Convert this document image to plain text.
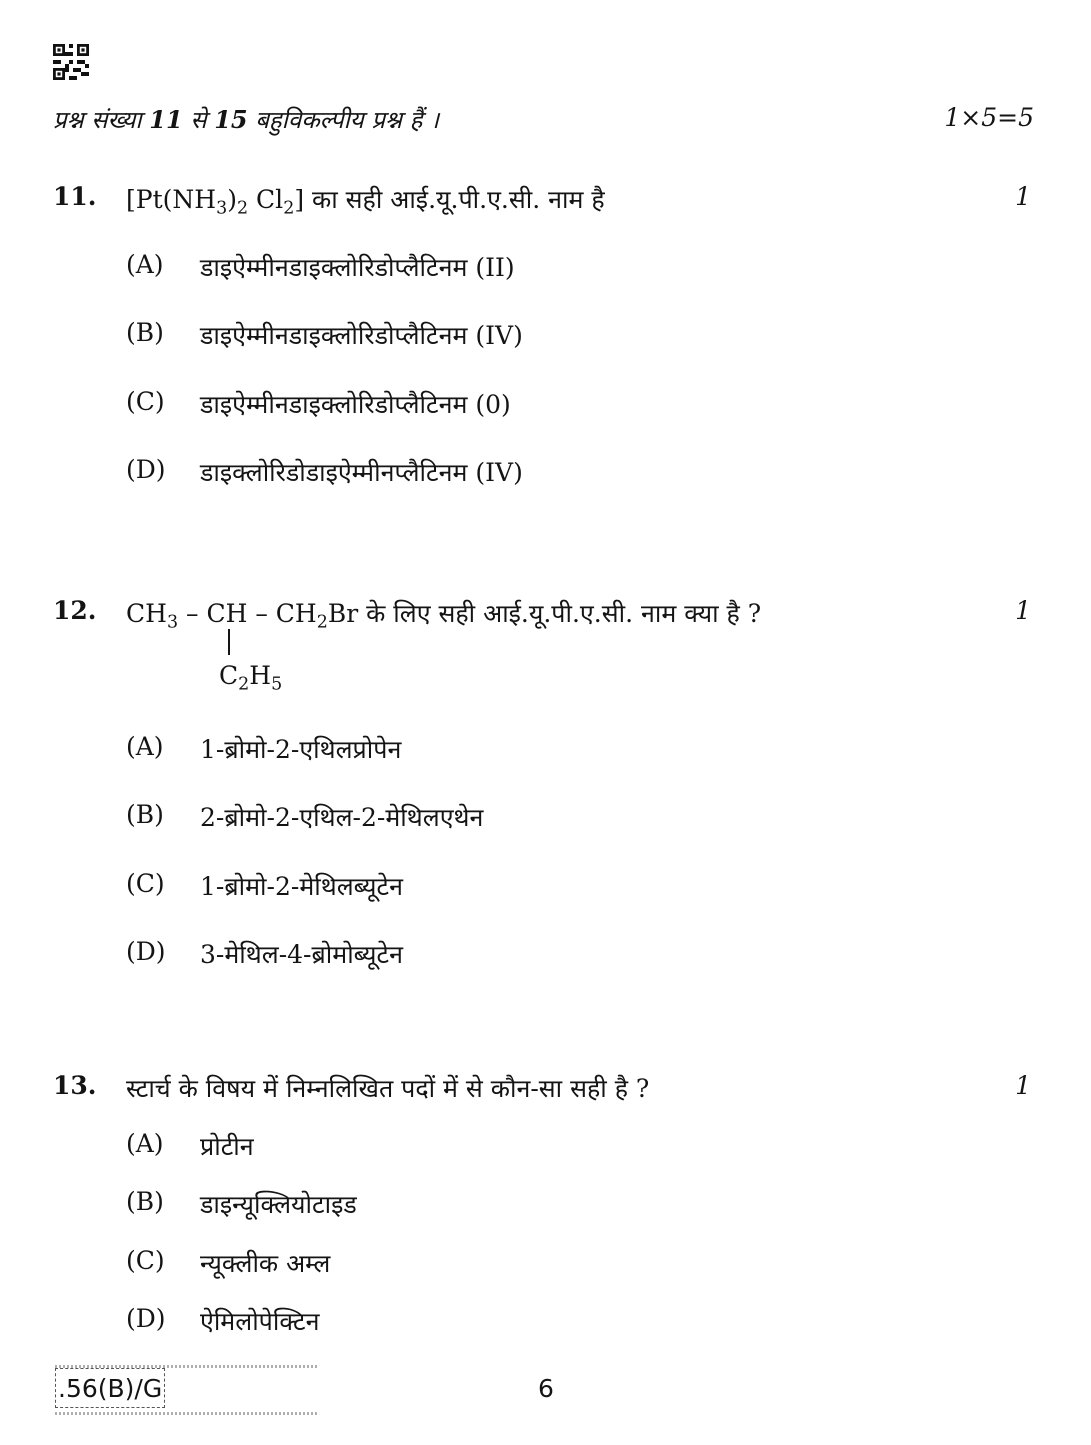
प्रश्न संख्या 11 से 15 बहुविकल्पीय प्रश्न हैं ।	1×5=5
11. [$Pt(NH_3)_2$ $Cl_2$] का सही आई.यू.पी.ए.सी. नाम है	1
(A) डाइऐम्मीनडाइक्लोरिडोप्लैटिनम (II)
(B) डाइऐम्मीनडाइक्लोरिडोप्लैटिनम (IV)
(C) डाइऐम्मीनडाइक्लोरिडोप्लैटिनम (0)
(D) डाइक्लोरिडोडाइऐम्मीनप्लैटिनम (IV)
12. $CH_3$ – CH – $CH_2Br$ के लिए सही आई.यू.पी.ए.सी. नाम क्या है ?	1
$C_2H_5$
(A) 1-ब्रोमो-2-एथिलप्रोपेन
(B) 2-ब्रोमो-2-एथिल-2-मेथिलएथेन
(C) 1-ब्रोमो-2-मेथिलब्यूटेन
(D) 3-मेथिल-4-ब्रोमोब्यूटेन
13. स्टार्च के विषय में निम्नलिखित पदों में से कौन-सा सही है ?	1
(A) प्रोटीन
(B) डाइन्यूक्लियोटाइड
(C) न्यूक्लीक अम्ल
(D) ऐमिलोपेक्टिन
.56(B)/G	6
